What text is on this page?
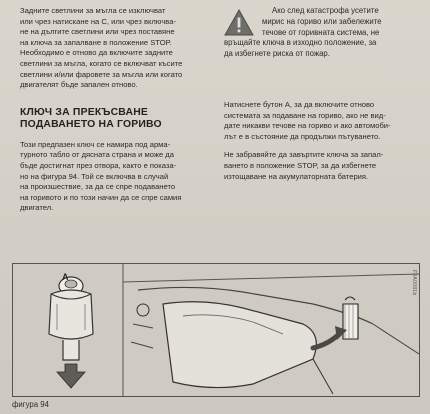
Задните светлини за мъгла се изключват
или чрез натискане на C, или чрез включва-
не на дългите светлини или чрез поставяне
на ключа за запалване в положение STOP.
Необходимо е отново да включите задните
светлини за мъгла, когато се включват късите
светлини и/или фаровете за мъгла или когато
двигателят бъде запален отново.
КЛЮЧ ЗА ПРЕКЪСВАНЕ
ПОДАВАНЕТО НА ГОРИВО
Този предпазен ключ се намира под арма-
турното табло от дясната страна и може да
бъде достигнат през отвора, както е показа-
но на фигура 94. Той се включва в случай
на произшествие, за да се спре подаването
на горивото и по този начин да се спре самия
двигател.
Ако след катастрофа усетите
мирис на гориво или забележите
течове от горивната система, не
връщайте ключа в изходно положение, за
да избегнете риска от пожар.
Натиснете бутон A, за да включите отново
системата за подаване на гориво, ако не вид-
дате никакви течове на гориво и ако автомоби-
лът е в състояние да продължи пътуването.
Не забравяйте да завъртите ключа за запал-
ването в положение STOP, за да избегнете
изтощаване на акумулаторната батерия.
A	F0A0081b
фигура 94
